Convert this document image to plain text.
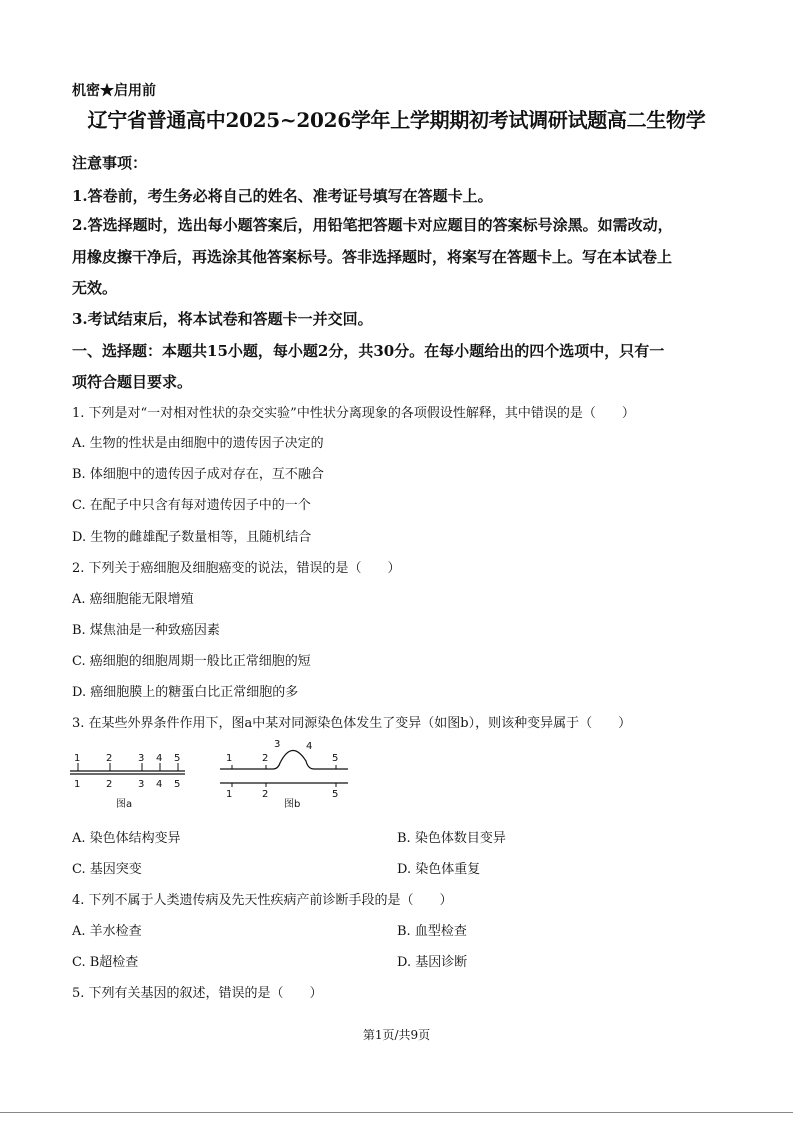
机密★启用前
辽宁省普通高中2025~2026学年上学期期初考试调研试题高二生物学
注意事项：
1.答卷前，考生务必将自己的姓名、准考证号填写在答题卡上。
2.答选择题时，选出每小题答案后，用铅笔把答题卡对应题目的答案标号涂黑。如需改动，
用橡皮擦干净后，再选涂其他答案标号。答非选择题时，将案写在答题卡上。写在本试卷上
无效。
3.考试结束后，将本试卷和答题卡一并交回。
一、选择题：本题共15小题，每小题2分，共30分。在每小题给出的四个选项中，只有一
项符合题目要求。
1. 下列是对“一对相对性状的杂交实验”中性状分离现象的各项假设性解释，其中错误的是（　　）
A. 生物的性状是由细胞中的遗传因子决定的
B. 体细胞中的遗传因子成对存在，互不融合
C. 在配子中只含有每对遗传因子中的一个
D. 生物的雌雄配子数量相等，且随机结合
2. 下列关于癌细胞及细胞癌变的说法，错误的是（　　）
A. 癌细胞能无限增殖
B. 煤焦油是一种致癌因素
C. 癌细胞的细胞周期一般比正常细胞的短
D. 癌细胞膜上的糖蛋白比正常细胞的多
3. 在某些外界条件作用下，图a中某对同源染色体发生了变异（如图b），则该种变异属于（　　）
1	2	3 4 5
1	2	3 4 5
图a
1	2
3	4
5
1	2	5
图b
A. 染色体结构变异	B. 染色体数目变异
C. 基因突变	D. 染色体重复
4. 下列不属于人类遗传病及先天性疾病产前诊断手段的是（　　）
A. 羊水检查	B. 血型检查
C. B超检查	D. 基因诊断
5. 下列有关基因的叙述，错误的是（　　）
第1页/共9页
